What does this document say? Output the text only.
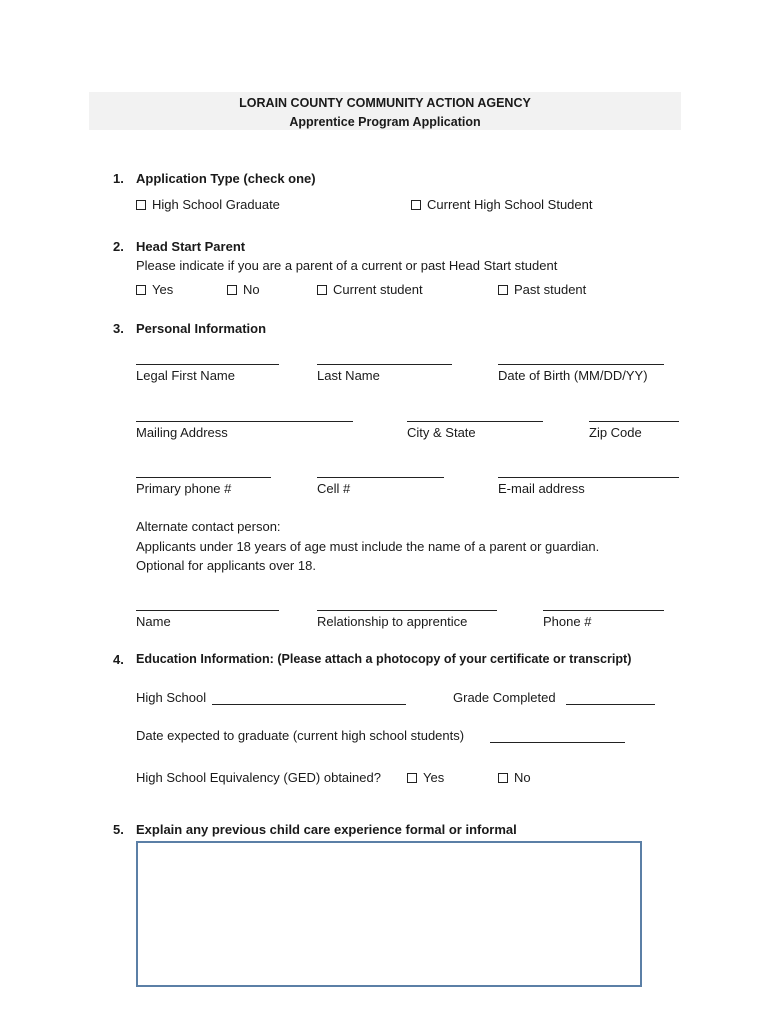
LORAIN COUNTY COMMUNITY ACTION AGENCY
Apprentice Program Application
1. Application Type (check one)
High School Graduate	Current High School Student
2. Head Start Parent
Please indicate if you are a parent of a current or past Head Start student
Yes	No	Current student	Past student
3. Personal Information
Legal First Name	Last Name	Date of Birth (MM/DD/YY)
Mailing Address	City & State	Zip Code
Primary phone #	Cell #	E-mail address
Alternate contact person:
Applicants under 18 years of age must include the name of a parent or guardian.
Optional for applicants over 18.
Name	Relationship to apprentice	Phone #
4. Education Information: (Please attach a photocopy of your certificate or transcript)
High School	Grade Completed
Date expected to graduate (current high school students)
High School Equivalency (GED) obtained?	Yes	No
5. Explain any previous child care experience formal or informal
